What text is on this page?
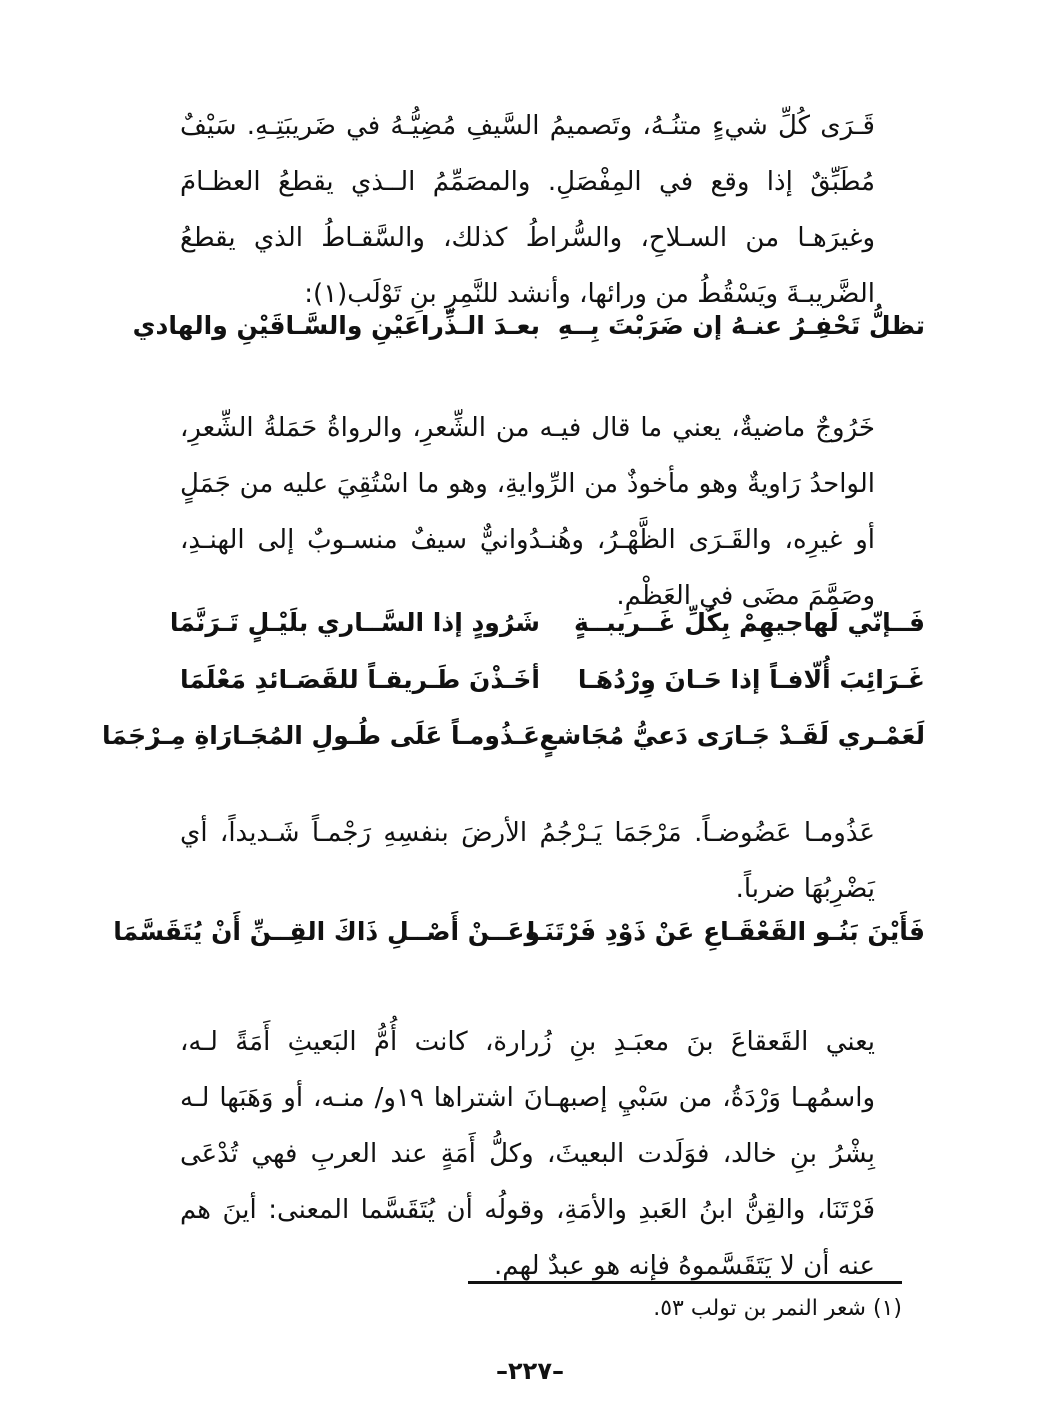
قَـرَى كُلِّ شيءٍ متنُـهُ، وتَصميمُ السَّيفِ مُضِيُّـهُ في ضَريبَتِـهِ. سَيْفٌ مُطَبِّقٌ إذا وقع في المِفْصَلِ. والمصَمِّمُ الــذي يقطعُ العظـامَ وغيرَهـا من السـلاحِ، والسُّراطُ كذلك، والسَّقـاطُ الذي يقطعُ الضَّريبـةَ ويَسْقُطُ من ورائها، وأنشد للنَّمِرِ بنِ تَوْلَب(١):

تظلُّ تَحْفِـرُ عنـهُ إن ضَرَبْتَ بِــهِ
بعـدَ الـذِّراعَيْنِ والسَّـاقَيْنِ والهادي

خَرُوجٌ ماضيةٌ، يعني ما قال فيـه من الشِّعرِ، والرواةُ حَمَلةُ الشِّعرِ، الواحدُ رَاويةٌ وهو مأخوذٌ من الرِّوايةِ، وهو ما اسْتُقِيَ عليه من جَمَلٍ أو غيرِه، والقَـرَى الظَّهْـرُ، وهُنـدُوانيٌّ سيفٌ منسـوبٌ إلى الهنـدِ، وصَمَّمَ مضَى في العَظْمِ.

فَــإنّي لَهاجيهِمْ بِكُلِّ غَــريبــةٍ
شَرُودٍ إذا السَّــاري بلَيْـلٍ تَـرَنَّمَا
غَـرَائِبَ أُلّافـاً إذا حَـانَ وِرْدُهَـا
أخَـذْنَ طَـريقـاً للقَصَـائدِ مَعْلَمَا
لَعَمْـري لَقَـدْ جَـارَى دَعيُّ مُجَاشعٍ
عَـذُومـاً عَلَى طُـولِ المُجَـارَاةِ مِـرْجَمَا

عَذُومـا عَضُوضـاً. مَرْجَمَا يَـرْجُمُ الأرضَ بنفسِهِ رَجْمـاً شَـديداً، أي يَضْرِبُهَا ضرباً.

فَأَيْنَ بَنُـو القَعْقَـاعِ عَنْ ذَوْدِ فَرْتَنَـا
وعَــنْ أَصْــلِ ذَاكَ القِــنِّ أَنْ يُتَقَسَّمَا

يعني القَعقاعَ بنَ معبَـدِ بنِ زُرارة، كانت أُمُّ البَعيثِ أَمَةً لـه، واسمُهـا وَرْدَةُ، من سَبْيِ إصبهـانَ اشتراها ١٩و/ منـه، أو وَهَبَها لـه بِشْرُ بنِ خالد، فوَلَدت البعيثَ، وكلُّ أَمَةٍ عند العربِ فهي تُدْعَى فَرْتَنَا، والقِنُّ ابنُ العَبدِ والأمَةِ، وقولُه أن يُتَقَسَّما المعنى: أينَ هم عنه أن لا يَتَقَسَّموهُ فإنه هو عبدٌ لهم.

(١) شعر النمر بن تولب ٥٣.
–٢٢٧–
